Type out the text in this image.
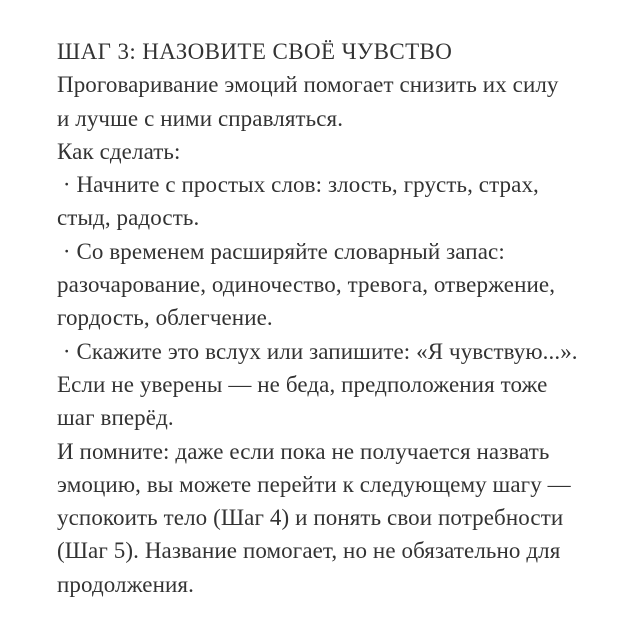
ШАГ 3: НАЗОВИТЕ СВОЁ ЧУВСТВО
Проговаривание эмоций помогает снизить их силу
и лучше с ними справляться.
Как сделать:
· Начните с простых слов: злость, грусть, страх,
стыд, радость.
· Со временем расширяйте словарный запас:
разочарование, одиночество, тревога, отвержение,
гордость, облегчение.
· Скажите это вслух или запишите: «Я чувствую...».
Если не уверены — не беда, предположения тоже
шаг вперёд.
И помните: даже если пока не получается назвать
эмоцию, вы можете перейти к следующему шагу —
успокоить тело (Шаг 4) и понять свои потребности
(Шаг 5). Название помогает, но не обязательно для
продолжения.
